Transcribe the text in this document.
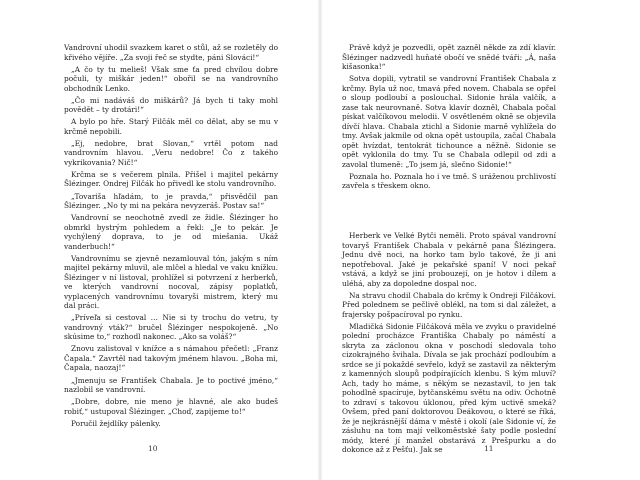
Vandrovní uhodil svazkem karet o stůl, až se rozletěly do křivého vějíře. „Za svoji řeč se stydte, páni Slováci!“

„A čo ty tu melieš! Však sme ťa pred chvílou dobre počuli, ty miškár jeden!“ obořil se na vandrovního obchodník Lenko.

„Čo mi nadáváš do miškárů? Já bych ti taky mohl povědět – ty drotári!“

A bylo po hře. Starý Filčák měl co dělat, aby se mu v krčmě nepobili.

„Ej, nedobre, brat Slovan,“ vrtěl potom nad vandrovním hlavou. „Veru nedobre! Čo z takého vykrikovania? Nič!“

Krčma se s večerem plnila. Přišel i majitel pekárny Šlézinger. Ondrej Filčák ho přivedl ke stolu vandrovního.

„Tovariša hľadám, to je pravda,“ přisvědčil pan Šlézinger. „No ty mi na pekára nevyzeráš. Postav sa!“

Vandrovní se neochotně zvedl ze židle. Šlézinger ho obmrkl bystrým pohledem a řekl: „Je to pekár. Je vychýlený doprava, to je od miešania. Ukáž vanderbuch!“

Vandrovnímu se zjevně nezamlouval tón, jakým s ním majitel pekárny mluvil, ale mlčel a hledal ve vaku knížku. Šlézinger v ní listoval, prohlížel si potvrzení z herberků, ve kterých vandrovní nocoval, zápisy poplatků, vyplacených vandrovnímu tovaryši mistrem, který mu dal práci.

„Príveľa si cestoval … Nie si ty trochu do vetru, ty vandrovný vták?“ bručel Šlézinger nespokojeně. „No skúsime to,“ rozhodl nakonec. „Ako sa voláš?“

Znovu zalistoval v knížce a s námahou přečetl: „Franz Čapala.“ Zavrtěl nad takovým jménem hlavou. „Boha mi, Čapala, naozaj!“

„Jmenuju se František Chabala. Je to poctivé jméno,“ nazlobil se vandrovní.

„Dobre, dobre, nie meno je hlavné, ale ako budeš robiť,“ ustupoval Šlézinger. „Choď, zapijeme to!“

Poručil žejdlíky pálenky.

10

Právě když je pozvedli, opět zazněl někde za zdí klavír. Šlézinger nadzvedl huňaté obočí ve snědé tváři: „Á, naša kišasonka!“

Sotva dopili, vytratil se vandrovní František Chabala z krčmy. Byla už noc, tmavá před novem. Chabala se opřel o sloup podloubí a poslouchal. Sidonie hrála valčík, a zase tak neurovnaně. Sotva klavír dozněl, Chabala počal pískat valčíkovou melodii. V osvětleném okně se objevila dívčí hlava. Chabala ztichl a Sidonie marně vyhlížela do tmy. Avšak jakmile od okna opět ustoupila, začal Chabala opět hvízdat, tentokrát tichounce a něžně. Sidonie se opět vyklonila do tmy. Tu se Chabala odlepil od zdi a zavolal tlumeně: „To jsem já, slečno Sidonie!“

Poznala ho. Poznala ho i ve tmě. S uráženou prchlivostí zavřela s třeskem okno.

Herberk ve Velké Bytči neměli. Proto spával vandrovní tovaryš František Chabala v pekárně pana Šlézingera. Jednu dvě noci, na horko tam bylo takové, že ji ani nepotřeboval. Jaké je pekařské spaní! V noci pekař vstává, a když se jiní probouzejí, on je hotov i dílem a uléhá, aby za dopoledne dospal noc.

Na stravu chodil Chabala do krčmy k Ondreji Filčákovi. Před polednem se pečlivě oblékl, na tom si dal záležet, a frajersky pošpacíroval po rynku.

Mladičká Sidonie Filčáková měla ve zvyku o pravidelné polední procházce Františka Chabaly po náměstí a skryta za záclonou okna v poschodí sledovala toho cizokrajného švihala. Dívala se jak prochází podloubím a srdce se jí pokaždé sevřelo, když se zastavil za některým z kamenných sloupů podpírajících klenbu. S kým mluví? Ach, tady ho máme, s někým se nezastavil, to jen tak pohodlně spacíruje, bytčanskému světu na odiv. Ochotně to zdraví s takovou úklonou, před kým uctivě smeká? Ovšem, před paní doktorovou Deákovou, o které se říká, že je nejkrásnější dáma v městě i okolí (ale Sidonie ví, že zásluhu na tom mají velkoměstské šaty podle poslední módy, které jí manžel obstarává z Prešpurku a do dokonce až z Pešťu). Jak se	11
